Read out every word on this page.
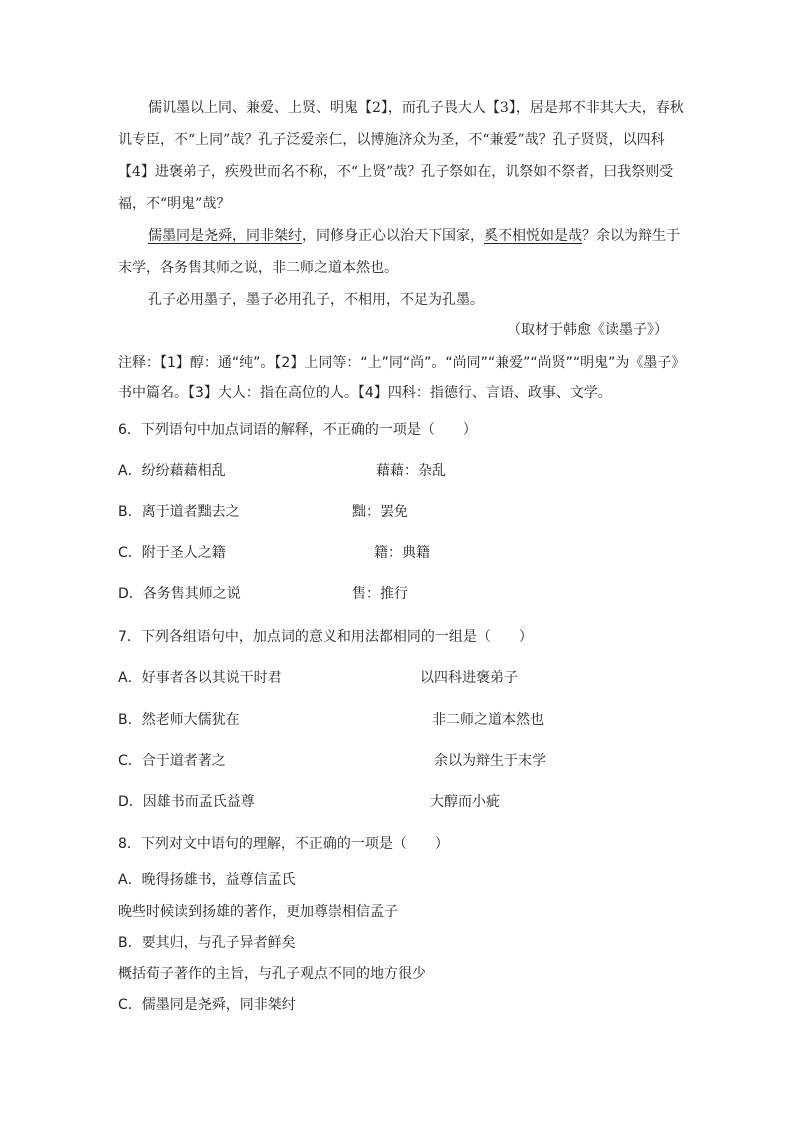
儒讥墨以上同、兼爱、上贤、明鬼【2】，而孔子畏大人【3】，居是邦不非其大夫，春秋讥专臣，不“上同”哉？孔子泛爱亲仁，以博施济众为圣，不“兼爱”哉？孔子贤贤，以四科【4】进褒弟子，疾殁世而名不称，不“上贤”哉？孔子祭如在，讥祭如不祭者，曰我祭则受福，不“明鬼”哉？

儒墨同是尧舜，同非桀纣，同修身正心以治天下国家，奚不相悦如是哉？余以为辩生于末学，各务售其师之说，非二师之道本然也。

孔子必用墨子，墨子必用孔子，不相用，不足为孔墨。

（取材于韩愈《读墨子》）
注释：【1】醇：通“纯”。【2】上同等：“上”同“尚”。“尚同”“兼爱”“尚贤”“明鬼”为《墨子》书中篇名。【3】大人：指在高位的人。【4】四科：指德行、言语、政事、文学。
6．下列语句中加点词语的解释，不正确的一项是（　　）
A．纷纷藉藉相乱	藉藉：杂乱
B．离于道者黜去之	黜：罢免
C．附于圣人之籍	籍：典籍
D．各务售其师之说	售：推行
7．下列各组语句中，加点词的意义和用法都相同的一组是（　　）
A．好事者各以其说干时君	以四科进褒弟子
B．然老师大儒犹在	非二师之道本然也
C．合于道者著之	余以为辩生于末学
D．因雄书而孟氏益尊	大醇而小疵
8．下列对文中语句的理解，不正确的一项是（　　）
A．晚得扬雄书，益尊信孟氏
晚些时候读到扬雄的著作，更加尊崇相信孟子
B．要其归，与孔子异者鲜矣
概括荀子著作的主旨，与孔子观点不同的地方很少
C．儒墨同是尧舜，同非桀纣
